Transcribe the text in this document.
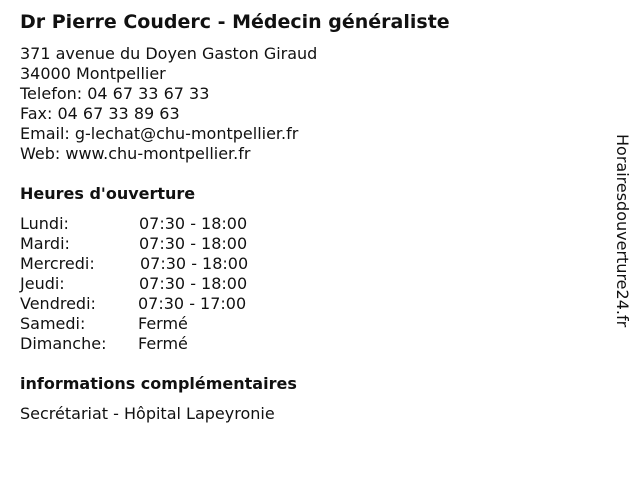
Dr Pierre Couderc - Médecin généraliste
371 avenue du Doyen Gaston Giraud
34000 Montpellier
Telefon: 04 67 33 67 33
Fax: 04 67 33 89 63
Email: g-lechat@chu-montpellier.fr
Web: www.chu-montpellier.fr
Heures d'ouverture
Lundi:	07:30 - 18:00
Mardi:	07:30 - 18:00
Mercredi:	07:30 - 18:00
Jeudi:	07:30 - 18:00
Vendredi:	07:30 - 17:00
Samedi:	Fermé
Dimanche: Fermé
informations complémentaires
Secrétariat - Hôpital Lapeyronie
Horairesdouverture24.fr
